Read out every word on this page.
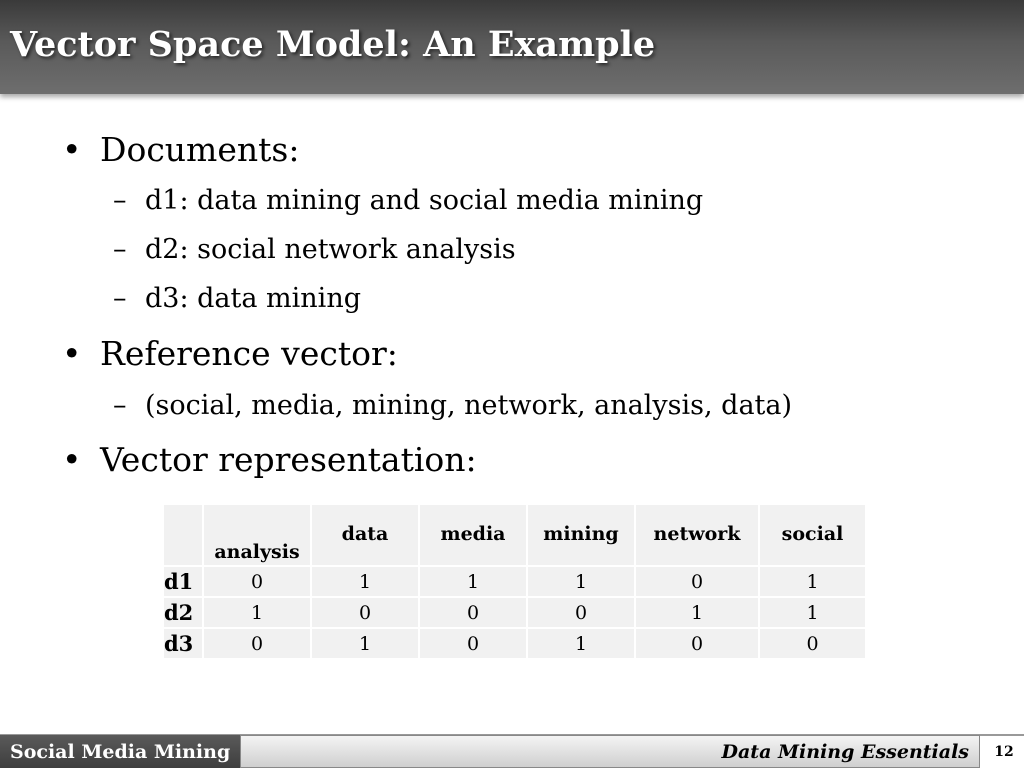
Vector Space Model: An Example

• Documents:

– d1: data mining and social media mining

– d2: social network analysis

– d3: data mining

• Reference vector:

– (social, media, mining, network, analysis, data)

• Vector representation:

	analysis	data	media	mining	network	social
d1	0	1	1	1	0	1
d2	1	0	0	0	1	1
d3	0	1	0	1	0	0
Social Media Mining	Data Mining Essentials	12
